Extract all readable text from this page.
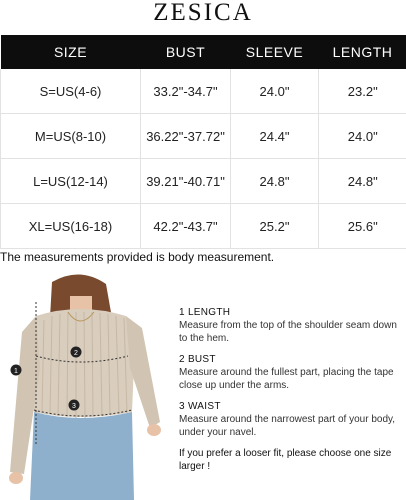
ZESICA
SIZE	BUST	SLEEVE	LENGTH
S=US(4-6)	33.2"-34.7"	24.0"	23.2"
M=US(8-10)	36.22"-37.72"	24.4"	24.0"
L=US(12-14)	39.21"-40.71"	24.8"	24.8"
XL=US(16-18)	42.2"-43.7"	25.2"	25.6"
The measurements provided is body measurement.
1
2
3
1 LENGTH
Measure from the top of the shoulder seam down to the hem.
2 BUST
Measure around the fullest part, placing the tape close up under the arms.
3 WAIST
Measure around the narrowest part of your body, under your navel.
If you prefer a looser fit, please choose one size larger !
